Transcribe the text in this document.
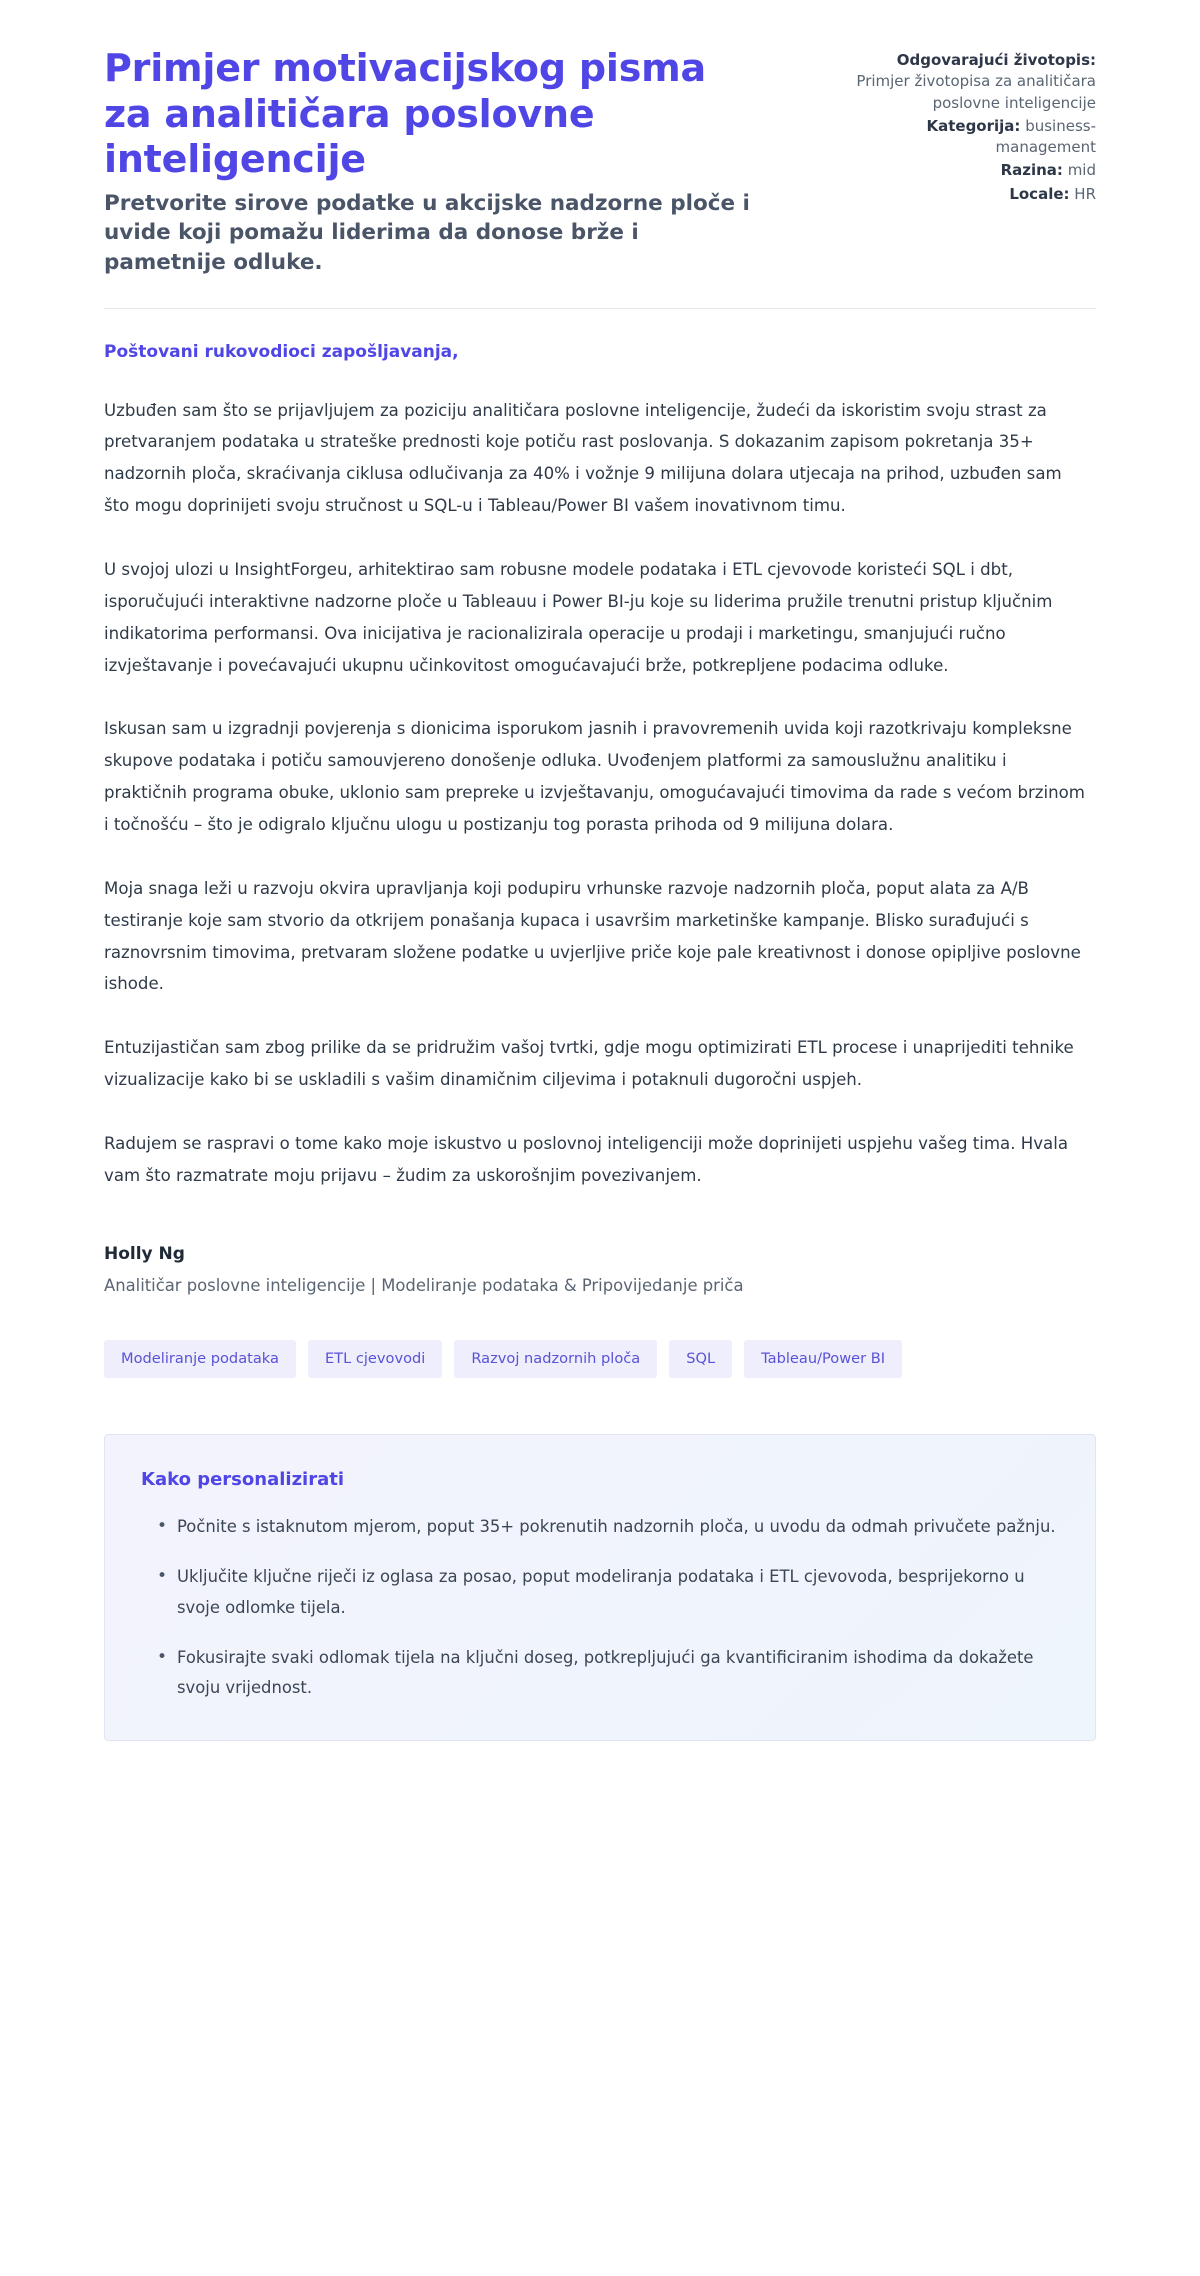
Primjer motivacijskog pisma za analitičara poslovne inteligencije

Pretvorite sirove podatke u akcijske nadzorne ploče i uvide koji pomažu liderima da donose brže i pametnije odluke.

Odgovarajući životopis:
Primjer životopisa za analitičara poslovne inteligencije
Kategorija: business-management
Razina: mid
Locale: HR

Poštovani rukovodioci zapošljavanja,

Uzbuđen sam što se prijavljujem za poziciju analitičara poslovne inteligencije, žudeći da iskoristim svoju strast za pretvaranjem podataka u strateške prednosti koje potiču rast poslovanja. S dokazanim zapisom pokretanja 35+ nadzornih ploča, skraćivanja ciklusa odlučivanja za 40% i vožnje 9 milijuna dolara utjecaja na prihod, uzbuđen sam što mogu doprinijeti svoju stručnost u SQL-u i Tableau/Power BI vašem inovativnom timu.

U svojoj ulozi u InsightForgeu, arhitektirao sam robusne modele podataka i ETL cjevovode koristeći SQL i dbt, isporučujući interaktivne nadzorne ploče u Tableauu i Power BI-ju koje su liderima pružile trenutni pristup ključnim indikatorima performansi. Ova inicijativa je racionalizirala operacije u prodaji i marketingu, smanjujući ručno izvještavanje i povećavajući ukupnu učinkovitost omogućavajući brže, potkrepljene podacima odluke.

Iskusan sam u izgradnji povjerenja s dionicima isporukom jasnih i pravovremenih uvida koji razotkrivaju kompleksne skupove podataka i potiču samouvjereno donošenje odluka. Uvođenjem platformi za samouslužnu analitiku i praktičnih programa obuke, uklonio sam prepreke u izvještavanju, omogućavajući timovima da rade s većom brzinom i točnošću – što je odigralo ključnu ulogu u postizanju tog porasta prihoda od 9 milijuna dolara.

Moja snaga leži u razvoju okvira upravljanja koji podupiru vrhunske razvoje nadzornih ploča, poput alata za A/B testiranje koje sam stvorio da otkrijem ponašanja kupaca i usavršim marketinške kampanje. Blisko surađujući s raznovrsnim timovima, pretvaram složene podatke u uvjerljive priče koje pale kreativnost i donose opipljive poslovne ishode.

Entuzijastičan sam zbog prilike da se pridružim vašoj tvrtki, gdje mogu optimizirati ETL procese i unaprijediti tehnike vizualizacije kako bi se uskladili s vašim dinamičnim ciljevima i potaknuli dugoročni uspjeh.

Radujem se raspravi o tome kako moje iskustvo u poslovnoj inteligenciji može doprinijeti uspjehu vašeg tima. Hvala vam što razmatrate moju prijavu – žudim za uskorošnjim povezivanjem.

Holly Ng

Analitičar poslovne inteligencije | Modeliranje podataka & Pripovijedanje priča

Modeliranje podataka	ETL cjevovodi	Razvoj nadzornih ploča	SQL	Tableau/Power BI
Kako personalizirati
• Počnite s istaknutom mjerom, poput 35+ pokrenutih nadzornih ploča, u uvodu da odmah privučete pažnju.
• Uključite ključne riječi iz oglasa za posao, poput modeliranja podataka i ETL cjevovoda, besprijekorno u svoje odlomke tijela.
• Fokusirajte svaki odlomak tijela na ključni doseg, potkrepljujući ga kvantificiranim ishodima da dokažete svoju vrijednost.
